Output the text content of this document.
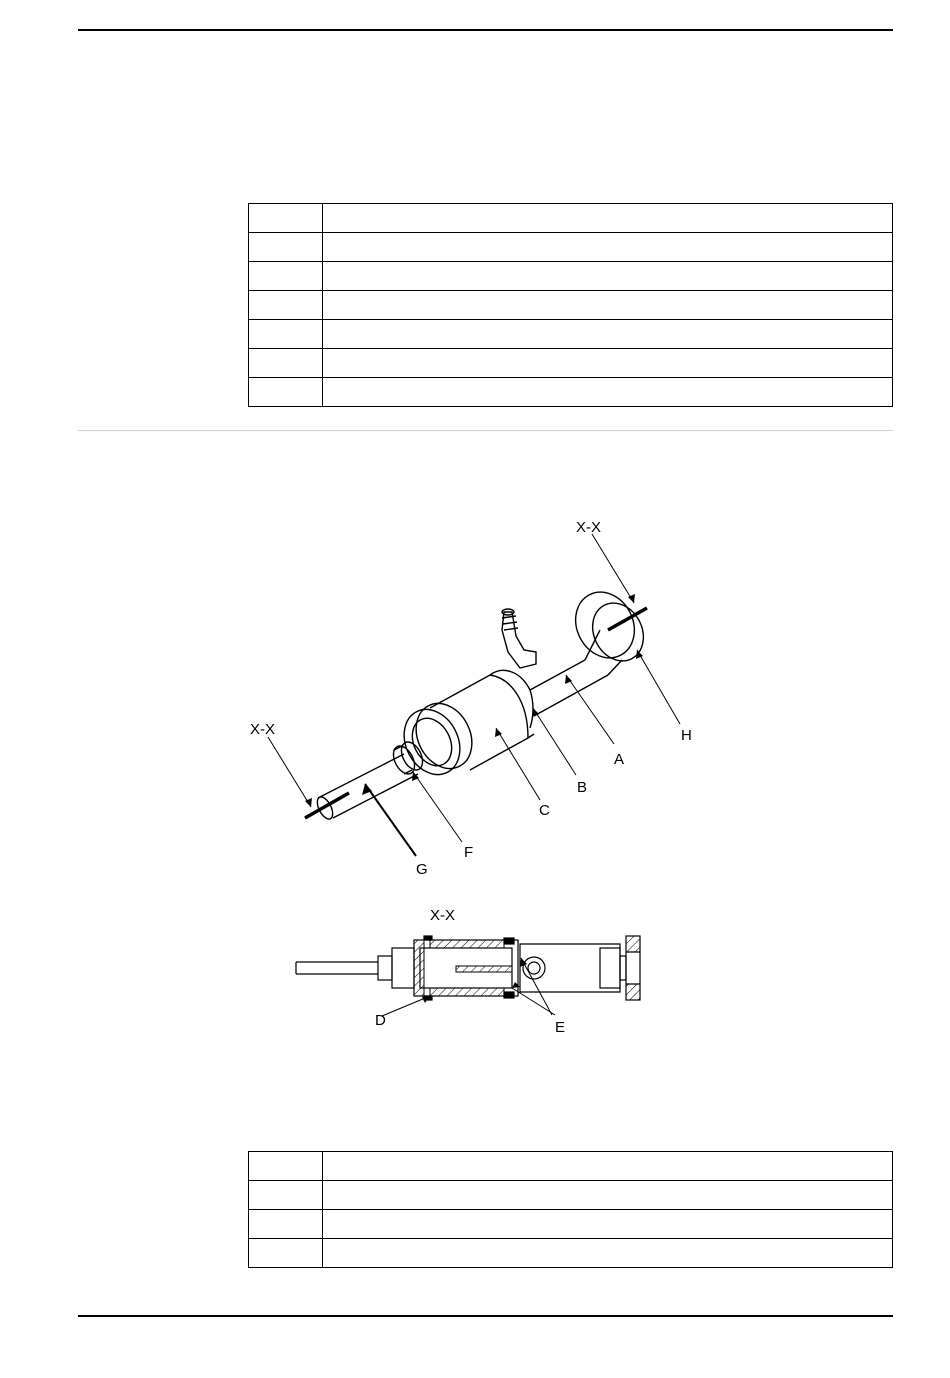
A
B
C
D	E
F
G
H
X-X
X-X
X-X
